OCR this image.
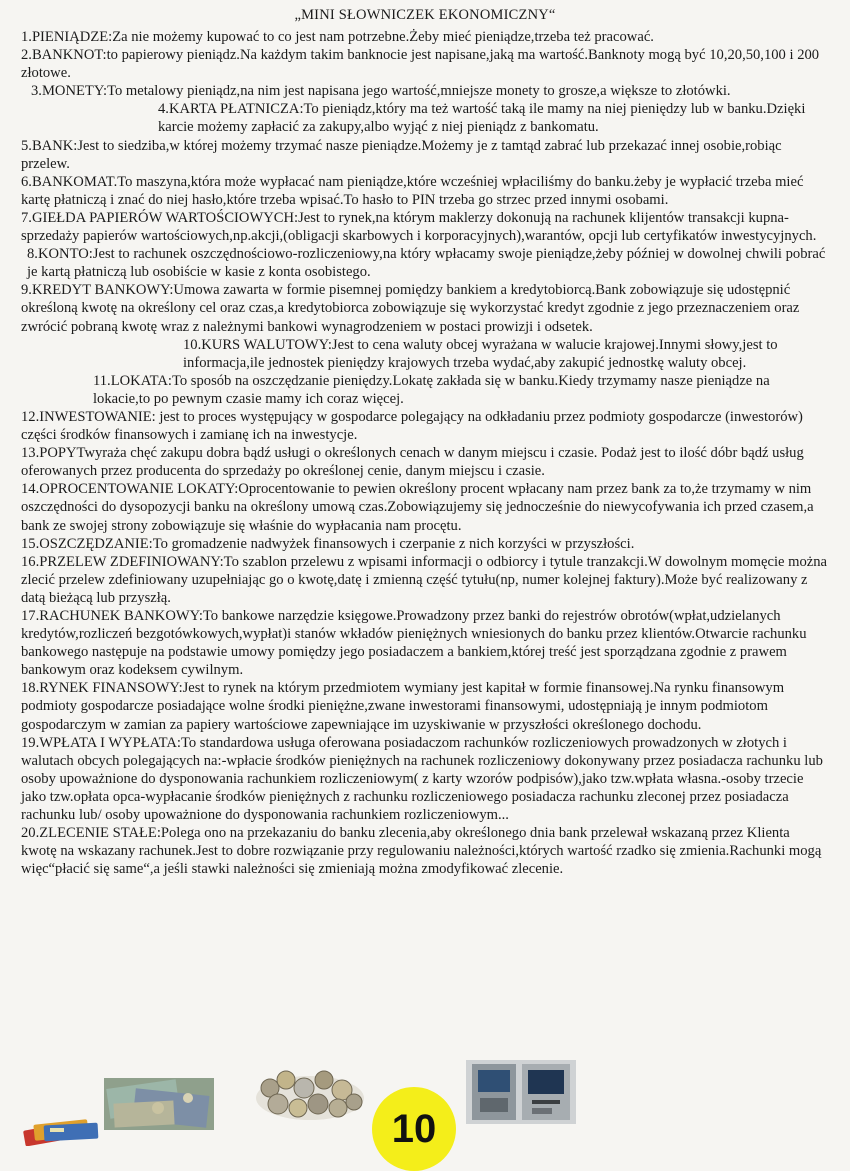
„MINI SŁOWNICZEK EKONOMICZNY“

1.PIENIĄDZE:Za nie możemy kupować to co jest nam potrzebne.Żeby mieć pieniądze,trzeba też pracować.

2.BANKNOT:to papierowy pieniądz.Na każdym takim banknocie jest napisane,jaką ma wartość.Banknoty mogą być 10,20,50,100 i 200 złotowe.

3.MONETY:To metalowy pieniądz,na nim jest napisana jego wartość,mniejsze monety to grosze,a większe to złotówki.

4.KARTA PŁATNICZA:To pieniądz,który ma też wartość taką ile mamy na niej pieniędzy lub w banku.Dzięki karcie możemy zapłacić za zakupy,albo wyjąć z niej pieniądz z bankomatu.

5.BANK:Jest to siedziba,w której możemy trzymać nasze pieniądze.Możemy je z tamtąd zabrać lub przekazać innej osobie,robiąc przelew.

6.BANKOMAT.To maszyna,która może wypłacać nam pieniądze,które wcześniej wpłaciliśmy do banku.żeby je wypłacić trzeba mieć kartę płatniczą i znać do niej hasło,które trzeba wpisać.To hasło to PIN trzeba go strzec przed innymi osobami.

7.GIEŁDA PAPIERÓW WARTOŚCIOWYCH:Jest to rynek,na którym maklerzy dokonują na rachunek klijentów transakcji kupna-sprzedaży papierów wartościowych,np.akcji,(obligacji skarbowych i korporacyjnych),warantów, opcji lub certyfikatów inwestycyjnych.

8.KONTO:Jest to rachunek oszczędnościowo-rozliczeniowy,na który wpłacamy swoje pieniądze,żeby później w dowolnej chwili pobrać je kartą płatniczą lub osobiście w kasie z konta osobistego.

9.KREDYT BANKOWY:Umowa zawarta w formie pisemnej pomiędzy bankiem a kredytobiorcą.Bank zobowiązuje się udostępnić określoną kwotę na określony cel oraz czas,a kredytobiorca zobowiązuje się wykorzystać kredyt zgodnie z jego przeznaczeniem oraz zwrócić pobraną kwotę wraz z należnymi bankowi wynagrodzeniem w postaci prowizji i odsetek.

10.KURS WALUTOWY:Jest to cena waluty obcej wyrażana w walucie krajowej.Innymi słowy,jest to informacja,ile jednostek pieniędzy krajowych trzeba wydać,aby zakupić jednostkę waluty obcej.

11.LOKATA:To sposób na oszczędzanie pieniędzy.Lokatę zakłada się w banku.Kiedy trzymamy nasze pieniądze na lokacie,to po pewnym czasie mamy ich coraz więcej.

12.INWESTOWANIE: jest to proces występujący w gospodarce polegający na odkładaniu przez podmioty gospodarcze (inwestorów) części środków finansowych i zamianę ich na inwestycje.

13.POPYTwyraża chęć zakupu dobra bądź usługi o określonych cenach w danym miejscu i czasie. Podaż jest to ilość dóbr bądź usług oferowanych przez producenta do sprzedaży po określonej cenie, danym miejscu i czasie.

14.OPROCENTOWANIE LOKATY:Oprocentowanie to pewien określony procent wpłacany nam przez bank za to,że trzymamy w nim oszczędności do dysopozycji banku na określony umową czas.Zobowiązujemy się jednocześnie do niewycofywania ich przed czasem,a bank ze swojej strony zobowiązuje się właśnie do wypłacania nam procętu.

15.OSZCZĘDZANIE:To gromadzenie nadwyżek finansowych i czerpanie z nich korzyści w przyszłości.

16.PRZELEW ZDEFINIOWANY:To szablon przelewu z wpisami informacji o odbiorcy i tytule tranzakcji.W dowolnym momęcie można zlecić przelew zdefiniowany uzupełniając go o kwotę,datę i zmienną część tytułu(np, numer kolejnej faktury).Może być realizowany z datą bieżącą lub przyszłą.

17.RACHUNEK BANKOWY:To bankowe narzędzie księgowe.Prowadzony przez banki do rejestrów obrotów(wpłat,udzielanych kredytów,rozliczeń bezgotówkowych,wypłat)i stanów wkładów pieniężnych wniesionych do banku przez klientów.Otwarcie rachunku bankowego następuje na podstawie umowy pomiędzy jego posiadaczem a bankiem,której treść jest sporządzana zgodnie z prawem bankowym oraz kodeksem cywilnym.

18.RYNEK FINANSOWY:Jest to rynek na którym przedmiotem wymiany jest kapitał w formie finansowej.Na rynku finansowym podmioty gospodarcze posiadające wolne środki pieniężne,zwane inwestorami finansowymi, udostępniają je innym podmiotom gospodarczym w zamian za papiery wartościowe zapewniające im uzyskiwanie w przyszłości określonego dochodu.

19.WPŁATA I WYPŁATA:To standardowa usługa oferowana posiadaczom rachunków rozliczeniowych prowadzonych w złotych i walutach obcych polegających na:-wpłacie środków pieniężnych na rachunek rozliczeniowy dokonywany przez posiadacza rachunku lub osoby upoważnione do dysponowania rachunkiem rozliczeniowym( z karty wzorów podpisów),jako tzw.wpłata własna.-osoby trzecie jako tzw.opłata opca-wypłacanie środków pieniężnych z rachunku rozliczeniowego posiadacza rachunku zleconej przez posiadacza rachunku lub/ osoby upoważnione do dysponowania rachunkiem rozliczeniowym...

20.ZLECENIE STAŁE:Polega ono na przekazaniu do banku zlecenia,aby określonego dnia bank przelewał wskazaną przez Klienta kwotę na wskazany rachunek.Jest to dobre rozwiązanie przy regulowaniu należności,których wartość rzadko się zmienia.Rachunki mogą więc“płacić się same“,a jeśli stawki należności się zmieniają można zmodyfikować zlecenie.

10
